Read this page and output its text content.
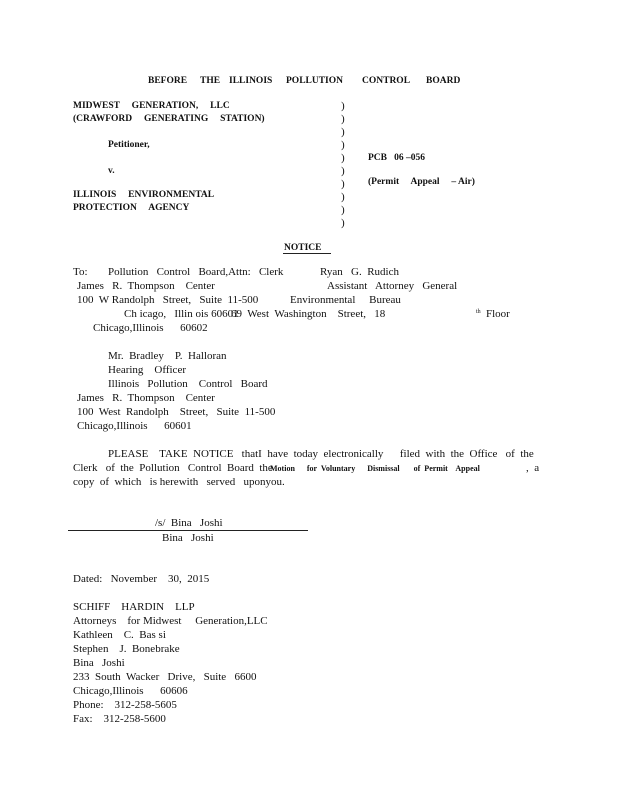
BEFORE THE ILLINOIS POLLUTION CONTROL BOARD
MIDWEST     GENERATION,     LLC
(CRAWFORD     GENERATING     STATION)
Petitioner,
v.
ILLINOIS     ENVIRONMENTAL
PROTECTION     AGENCY
)
)
)
)
)
)
)
)
)
)
PCB   06 –056
(Permit     Appeal     – Air)
NOTICE
To: Pollution   Control   Board,Attn:   Clerk	Ryan   G.  Rudich
James   R.  Thompson    Center	Assistant   Attorney   General
100  W Randolph   Street,   Suite  11-500	Environmental     Bureau
Ch icago,   Illin ois 60601
69  West  Washington    Street,   18	$^{th}$ Floor
Chicago,Illinois      60602
Mr.  Bradley    P.  Halloran
Hearing    Officer
Illinois   Pollution    Control   Board
James   R.  Thompson    Center
100  West  Randolph    Street,   Suite  11-500
Chicago,Illinois      60601
PLEASE    TAKE  NOTICE   thatI  have  today  electronically      filed  with  the  Office   of  the
Clerk   of  the  Pollution   Control  Board  the
Motion      for  Voluntary      Dismissal       of  Permit    Appeal	,  a
copy  of  which   is herewith   served   uponyou.
/s/  Bina   Joshi
Bina   Joshi
Dated:   November    30,  2015
SCHIFF    HARDIN    LLP
Attorneys    for Midwest     Generation,LLC
Kathleen    C.  Bas si
Stephen    J.  Bonebrake
Bina   Joshi
233  South  Wacker   Drive,   Suite   6600
Chicago,Illinois      60606
Phone:    312-258-5605
Fax:    312-258-5600
